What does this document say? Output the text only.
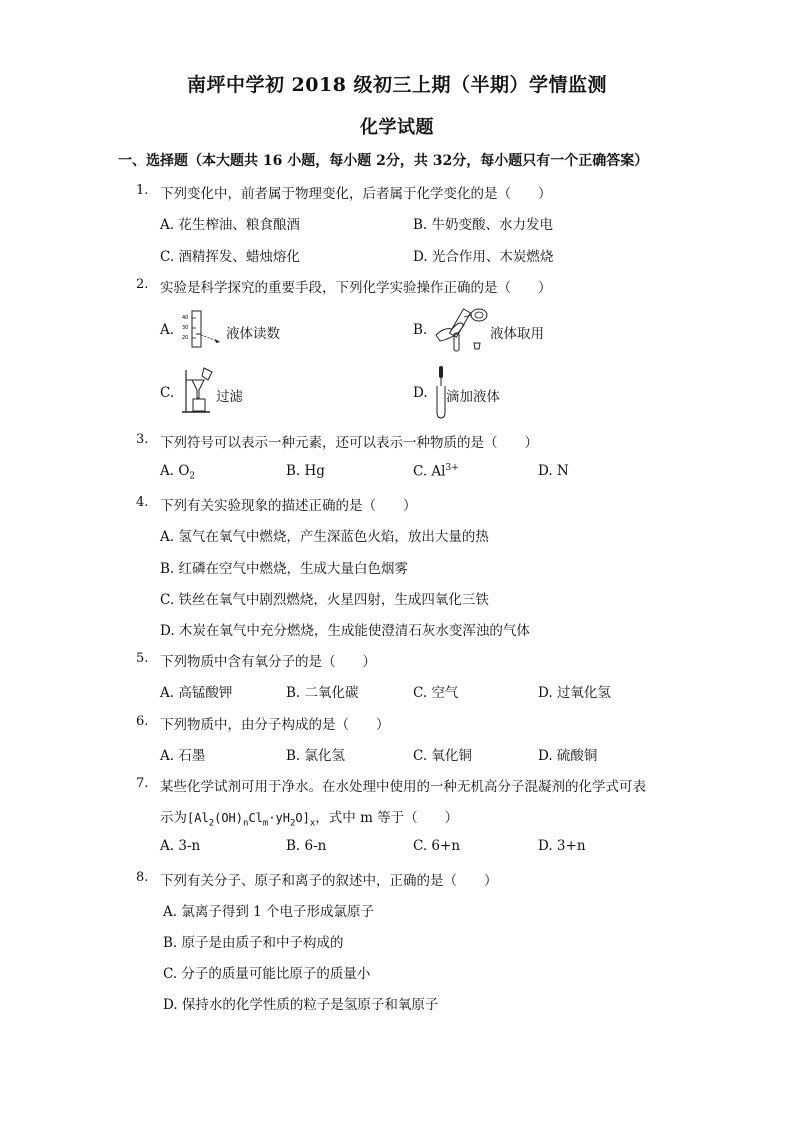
南坪中学初 2018 级初三上期（半期）学情监测
化学试题
一、选择题（本大题共 16 小题，每小题 2分，共 32分，每小题只有一个正确答案）
1. 下列变化中，前者属于物理变化，后者属于化学变化的是（　　）
A. 花生榨油、粮食酿酒	B. 牛奶变酸、水力发电
C. 酒精挥发、蜡烛熔化	D. 光合作用、木炭燃烧
2. 实验是科学探究的重要手段，下列化学实验操作正确的是（　　）
A.
40
30
20	液体读数	B.	液体取用
C.	过滤	D. 滴加液体
3. 下列符号可以表示一种元素，还可以表示一种物质的是（　　）
A. $O_2$	B. Hg	C. $Al^{3+}$	D. N
4. 下列有关实验现象的描述正确的是（　　）
A. 氢气在氧气中燃烧，产生深蓝色火焰，放出大量的热
B. 红磷在空气中燃烧，生成大量白色烟雾
C. 铁丝在氧气中剧烈燃烧，火星四射，生成四氧化三铁
D. 木炭在氧气中充分燃烧，生成能使澄清石灰水变浑浊的气体
5. 下列物质中含有氧分子的是（　　）
A. 高锰酸钾	B. 二氧化碳	C. 空气	D. 过氧化氢
6. 下列物质中，由分子构成的是（　　）
A. 石墨	B. 氯化氢	C. 氧化铜	D. 硫酸铜
7. 某些化学试剂可用于净水。在水处理中使用的一种无机高分子混凝剂的化学式可表
示为$[Al_2(OH)_nCl_m\cdot yH_2O]_x$，式中 m 等于（　　）
A. 3-n	B. 6-n	C. 6+n	D. 3+n
8. 下列有关分子、原子和离子的叙述中，正确的是（　　）
A. 氯离子得到 1 个电子形成氯原子
B. 原子是由质子和中子构成的
C. 分子的质量可能比原子的质量小
D. 保持水的化学性质的粒子是氢原子和氧原子
